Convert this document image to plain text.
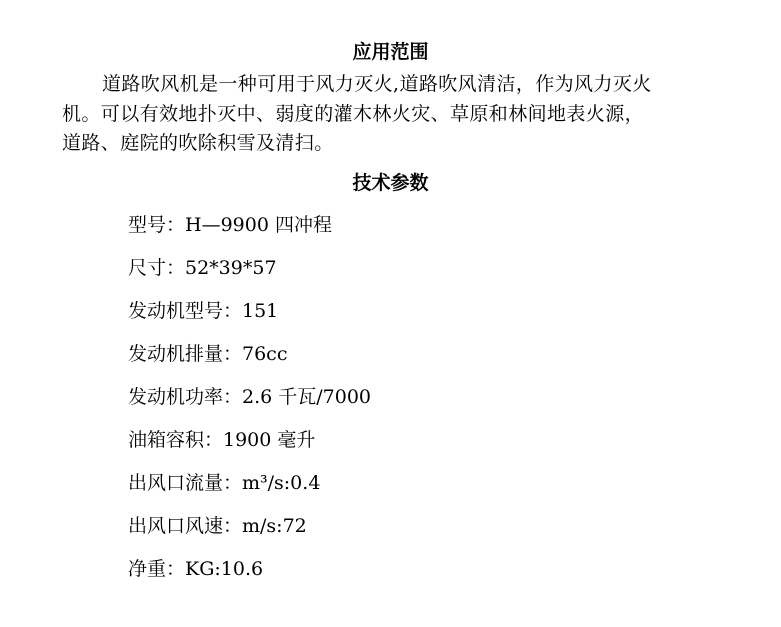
应用范围
道路吹风机是一种可用于风力灭火,道路吹风清洁，作为风力灭火
机。可以有效地扑灭中、弱度的灌木林火灾、草原和林间地表火源，
道路、庭院的吹除积雪及清扫。
技术参数
型号：H—9900 四冲程
尺寸：52*39*57
发动机型号：151
发动机排量：76cc
发动机功率：2.6 千瓦/7000
油箱容积：1900 毫升
出风口流量：m³/s:0.4
出风口风速：m/s:72
净重：KG:10.6
